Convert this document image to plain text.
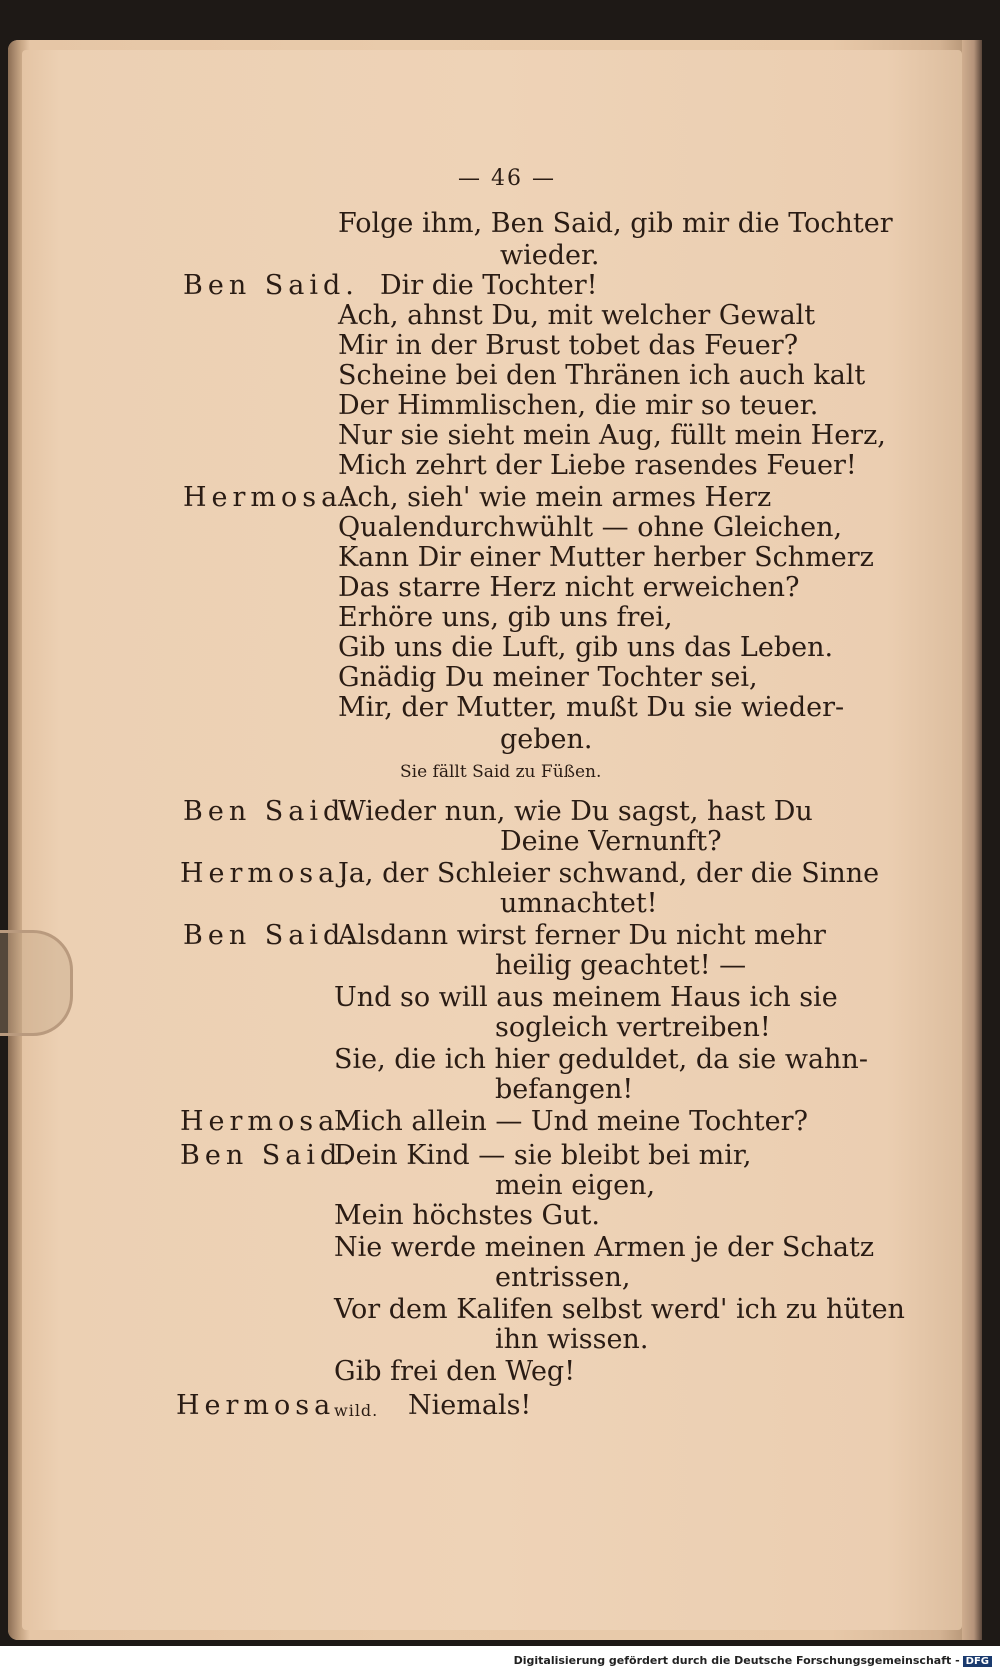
— 46 —
Folge ihm, Ben Said, gib mir die Tochter
wieder.
Ben Said. Dir die Tochter!
Ach, ahnst Du, mit welcher Gewalt
Mir in der Brust tobet das Feuer?
Scheine bei den Thränen ich auch kalt
Der Himmlischen, die mir so teuer.
Nur sie sieht mein Aug, füllt mein Herz,
Mich zehrt der Liebe rasendes Feuer!
Hermosa.
Ach, sieh' wie mein armes Herz
Qualendurchwühlt — ohne Gleichen,
Kann Dir einer Mutter herber Schmerz
Das starre Herz nicht erweichen?
Erhöre uns, gib uns frei,
Gib uns die Luft, gib uns das Leben.
Gnädig Du meiner Tochter sei,
Mir, der Mutter, mußt Du sie wieder-
geben.
Sie fällt Said zu Füßen.
Ben Said.
Wieder nun, wie Du sagst, hast Du
Deine Vernunft?
Hermosa.
Ja, der Schleier schwand, der die Sinne
umnachtet!
Ben Said.
Alsdann wirst ferner Du nicht mehr
heilig geachtet! —
Und so will aus meinem Haus ich sie
sogleich vertreiben!
Sie, die ich hier geduldet, da sie wahn-
befangen!
Hermosa.
Mich allein — Und meine Tochter?
Ben Said.
Dein Kind — sie bleibt bei mir,
mein eigen,
Mein höchstes Gut.
Nie werde meinen Armen je der Schatz
entrissen,
Vor dem Kalifen selbst werd' ich zu hüten
ihn wissen.
Gib frei den Weg!
Hermosa
wild. Niemals!
Digitalisierung gefördert durch die Deutsche Forschungsgemeinschaft - DFG
